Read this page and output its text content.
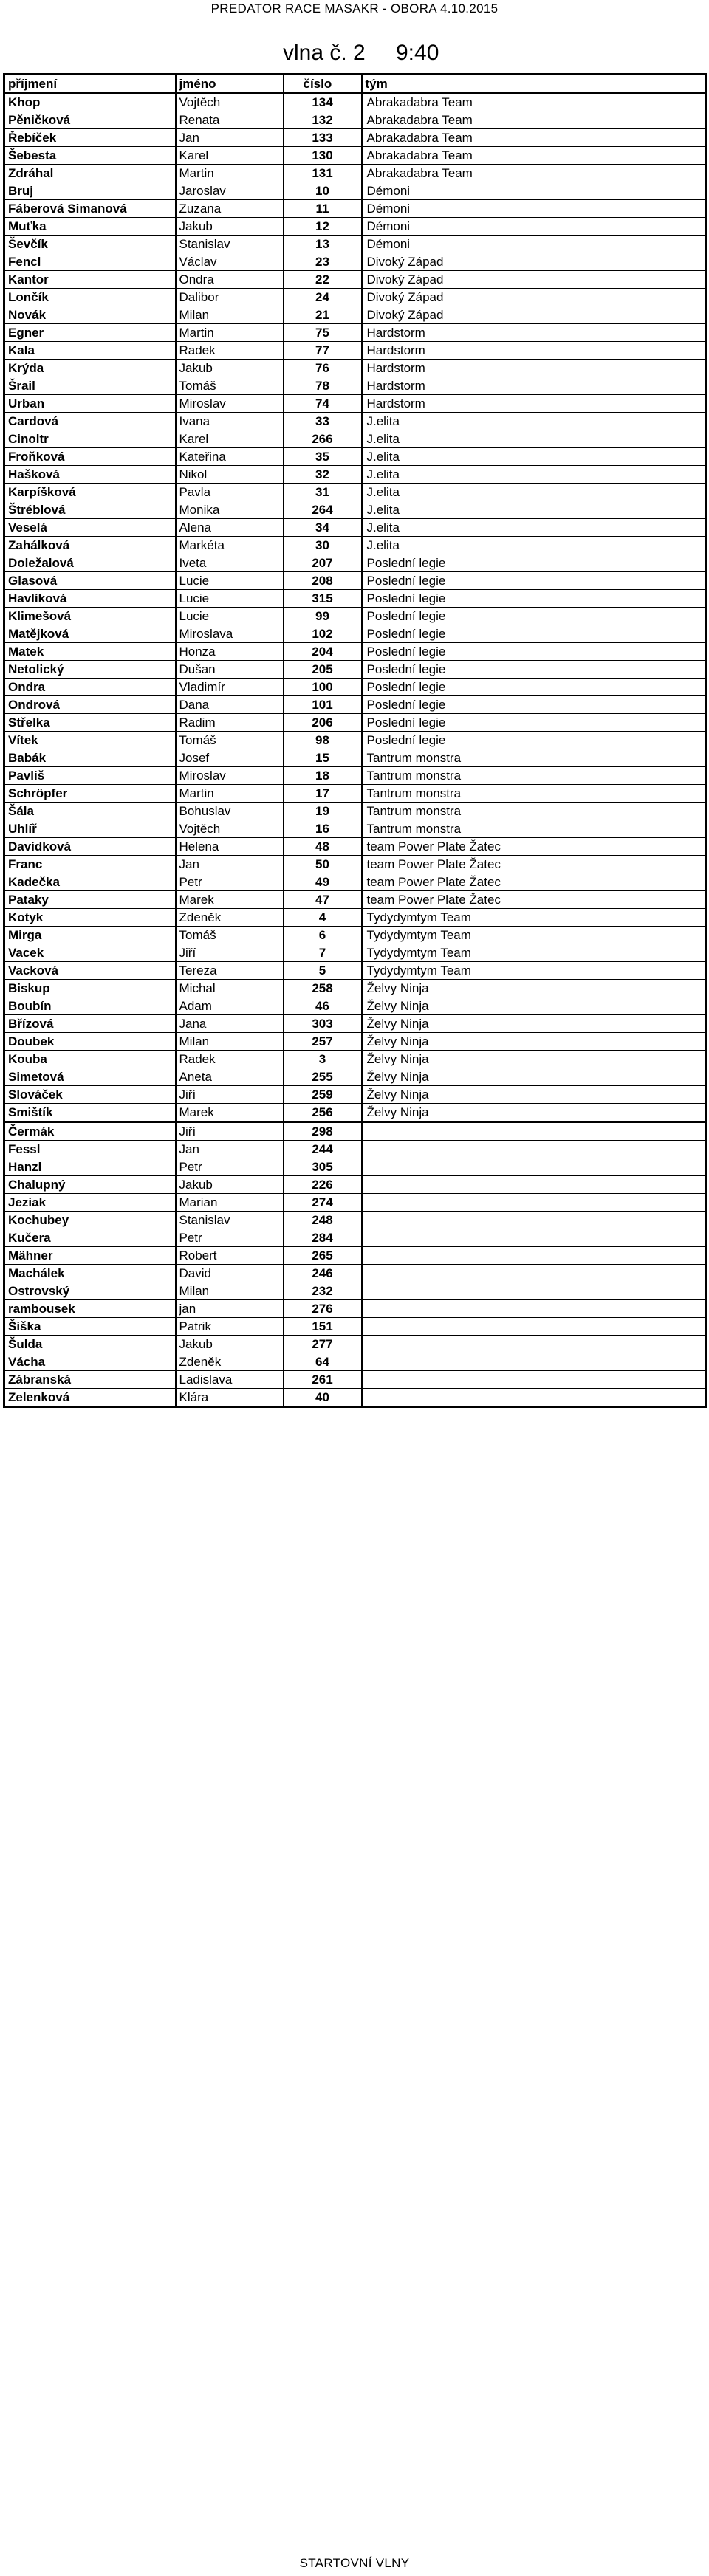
PREDATOR RACE MASAKR - OBORA 4.10.2015
vlna č. 2 9:40
příjmení	jméno	číslo	tým
Khop	Vojtěch	134	Abrakadabra Team
Pěničková	Renata	132	Abrakadabra Team
Řebíček	Jan	133	Abrakadabra Team
Šebesta	Karel	130	Abrakadabra Team
Zdráhal	Martin	131	Abrakadabra Team
Bruj	Jaroslav	10	Démoni
Fáberová Simanová	Zuzana	11	Démoni
Muťka	Jakub	12	Démoni
Ševčík	Stanislav	13	Démoni
Fencl	Václav	23	Divoký Západ
Kantor	Ondra	22	Divoký Západ
Lončík	Dalibor	24	Divoký Západ
Novák	Milan	21	Divoký Západ
Egner	Martin	75	Hardstorm
Kala	Radek	77	Hardstorm
Krýda	Jakub	76	Hardstorm
Šrail	Tomáš	78	Hardstorm
Urban	Miroslav	74	Hardstorm
Cardová	Ivana	33	J.elita
Cinoltr	Karel	266	J.elita
Froňková	Kateřina	35	J.elita
Hašková	Nikol	32	J.elita
Karpíšková	Pavla	31	J.elita
Štréblová	Monika	264	J.elita
Veselá	Alena	34	J.elita
Zahálková	Markéta	30	J.elita
Doležalová	Iveta	207	Poslední legie
Glasová	Lucie	208	Poslední legie
Havlíková	Lucie	315	Poslední legie
Klimešová	Lucie	99	Poslední legie
Matějková	Miroslava	102	Poslední legie
Matek	Honza	204	Poslední legie
Netolický	Dušan	205	Poslední legie
Ondra	Vladimír	100	Poslední legie
Ondrová	Dana	101	Poslední legie
Střelka	Radim	206	Poslední legie
Vítek	Tomáš	98	Poslední legie
Babák	Josef	15	Tantrum monstra
Pavliš	Miroslav	18	Tantrum monstra
Schröpfer	Martin	17	Tantrum monstra
Šála	Bohuslav	19	Tantrum monstra
Uhlíř	Vojtěch	16	Tantrum monstra
Davídková	Helena	48	team Power Plate Žatec
Franc	Jan	50	team Power Plate Žatec
Kadečka	Petr	49	team Power Plate Žatec
Pataky	Marek	47	team Power Plate Žatec
Kotyk	Zdeněk	4	Tydydymtym Team
Mirga	Tomáš	6	Tydydymtym Team
Vacek	Jiří	7	Tydydymtym Team
Vacková	Tereza	5	Tydydymtym Team
Biskup	Michal	258	Želvy Ninja
Boubín	Adam	46	Želvy Ninja
Břízová	Jana	303	Želvy Ninja
Doubek	Milan	257	Želvy Ninja
Kouba	Radek	3	Želvy Ninja
Simetová	Aneta	255	Želvy Ninja
Slováček	Jiří	259	Želvy Ninja
Smištík	Marek	256	Želvy Ninja
Čermák	Jiří	298	
Fessl	Jan	244	
Hanzl	Petr	305	
Chalupný	Jakub	226	
Jeziak	Marian	274	
Kochubey	Stanislav	248	
Kučera	Petr	284	
Mähner	Robert	265	
Machálek	David	246	
Ostrovský	Milan	232	
rambousek	jan	276	
Šiška	Patrik	151	
Šulda	Jakub	277	
Vácha	Zdeněk	64	
Zábranská	Ladislava	261	
Zelenková	Klára	40	
STARTOVNÍ VLNY
